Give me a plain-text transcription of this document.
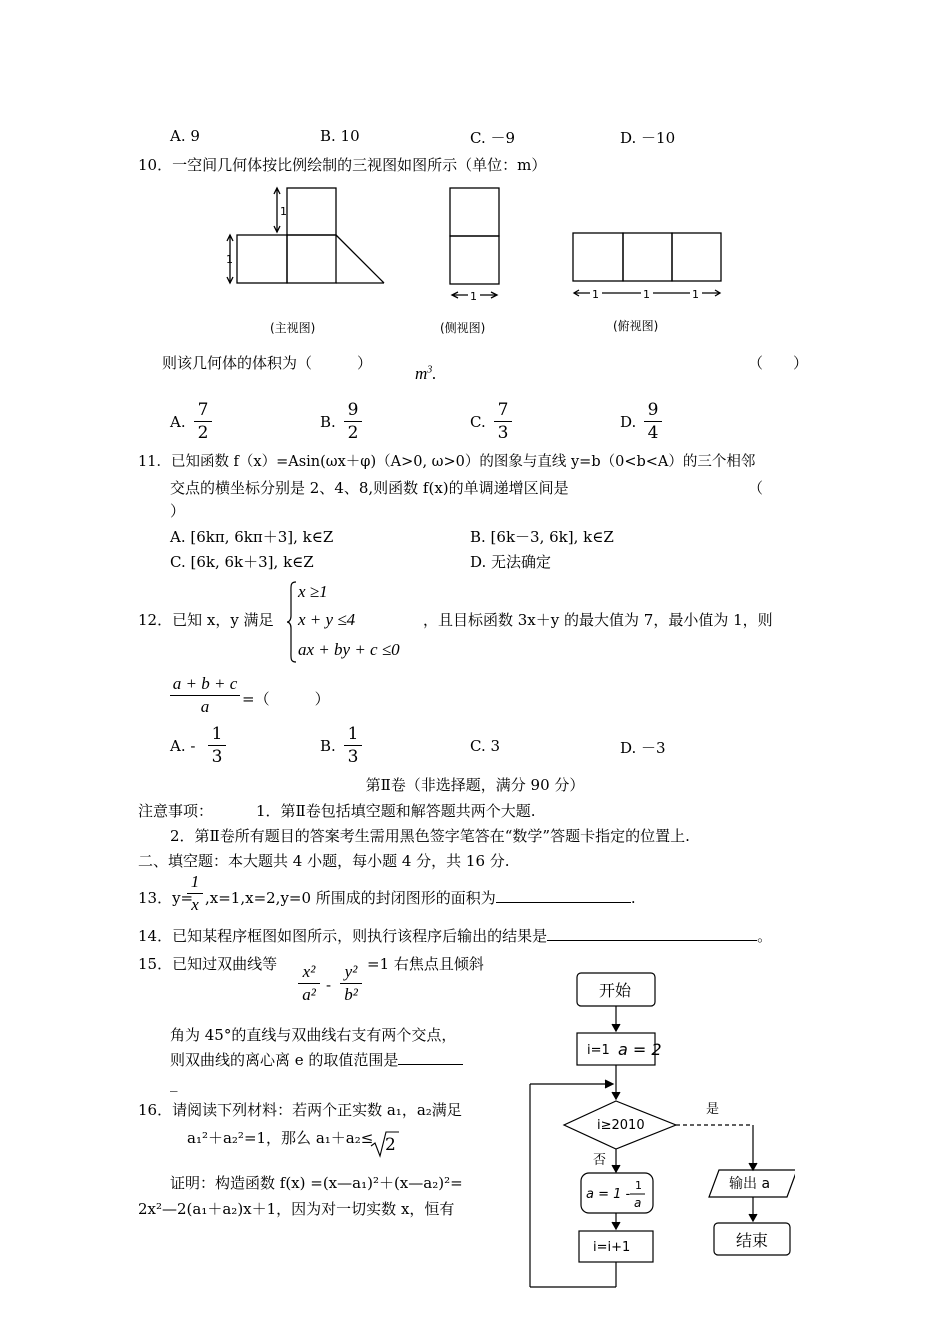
A. 9	B. 10	C. －9	D. －10
10．一空间几何体按比例绘制的三视图如图所示（单位：m）
1
1
(主视图)
1
(侧视图)
1	1	1
(俯视图)
则该几何体的体积为（　　　）
$m^3$.
（　　）
A.
7
2
B.
9
2
C.
7
3
D.
9
4
11．已知函数 f（x）=Asin(ωx＋φ)（A>0, ω>0）的图象与直线 y=b（0<b<A）的三个相邻
交点的横坐标分别是 2、4、8,则函数 f(x)的单调递增区间是	（
）
A. [6kπ, 6kπ＋3], k∈Z	B. [6k－3, 6k], k∈Z
C. [6k, 6k＋3], k∈Z	D. 无法确定
12．已知 x，y 满足
x ≥1
x + y ≤4
ax + by + c ≤0
，且目标函数 3x＋y 的最大值为 7，最小值为 1，则
a + b + c
a	=（　　　）
A. -
1
3
B.
1
3
C. 3	D. －3
第Ⅱ卷（非选择题，满分 90 分）
注意事项：	1．第Ⅱ卷包括填空题和解答题共两个大题.
2．第Ⅱ卷所有题目的答案考生需用黑色签字笔答在“数学”答题卡指定的位置上.
二、填空题：本大题共 4 小题，每小题 4 分，共 16 分.
13．y=
1
x ,x=1,x=2,y=0 所围成的封闭图形的面积为	.
14．已知某程序框图如图所示，则执行该程序后输出的结果是	。
15．已知过双曲线等 x²
a² -
y²
b²
=1 右焦点且倾斜
角为 45°的直线与双曲线右支有两个交点，
则双曲线的离心离 e 的取值范围是
_
16．请阅读下列材料：若两个正实数 a₁，a₂满足
a₁²＋a₂²=1，那么 a₁＋a₂≤ 2
证明：构造函数 f(x) =(x—a₁)²＋(x—a₂)²=
2x²—2(a₁＋a₂)x＋1，因为对一切实数 x，恒有
开始
i=1 a = 2
i≥2010
是
否
a = 1 -
1
a
i=i+1
输出 a
结束
